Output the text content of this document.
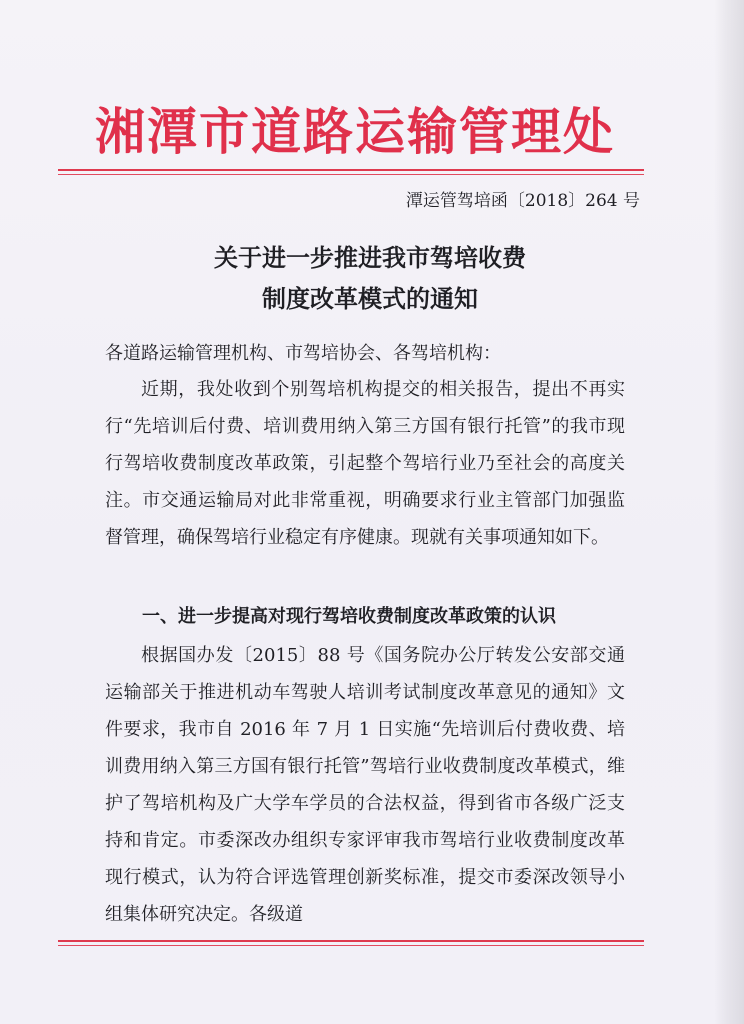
湘潭市道路运输管理处
潭运管驾培函〔2018〕264 号
关于进一步推进我市驾培收费
制度改革模式的通知
各道路运输管理机构、市驾培协会、各驾培机构：
近期，我处收到个别驾培机构提交的相关报告，提出不再实行“先培训后付费、培训费用纳入第三方国有银行托管”的我市现行驾培收费制度改革政策，引起整个驾培行业乃至社会的高度关注。市交通运输局对此非常重视，明确要求行业主管部门加强监督管理，确保驾培行业稳定有序健康。现就有关事项通知如下。
一、进一步提高对现行驾培收费制度改革政策的认识
根据国办发〔2015〕88 号《国务院办公厅转发公安部交通运输部关于推进机动车驾驶人培训考试制度改革意见的通知》文件要求，我市自 2016 年 7 月 1 日实施“先培训后付费收费、培训费用纳入第三方国有银行托管”驾培行业收费制度改革模式，维护了驾培机构及广大学车学员的合法权益，得到省市各级广泛支持和肯定。市委深改办组织专家评审我市驾培行业收费制度改革现行模式，认为符合评选管理创新奖标准，提交市委深改领导小组集体研究决定。各级道
